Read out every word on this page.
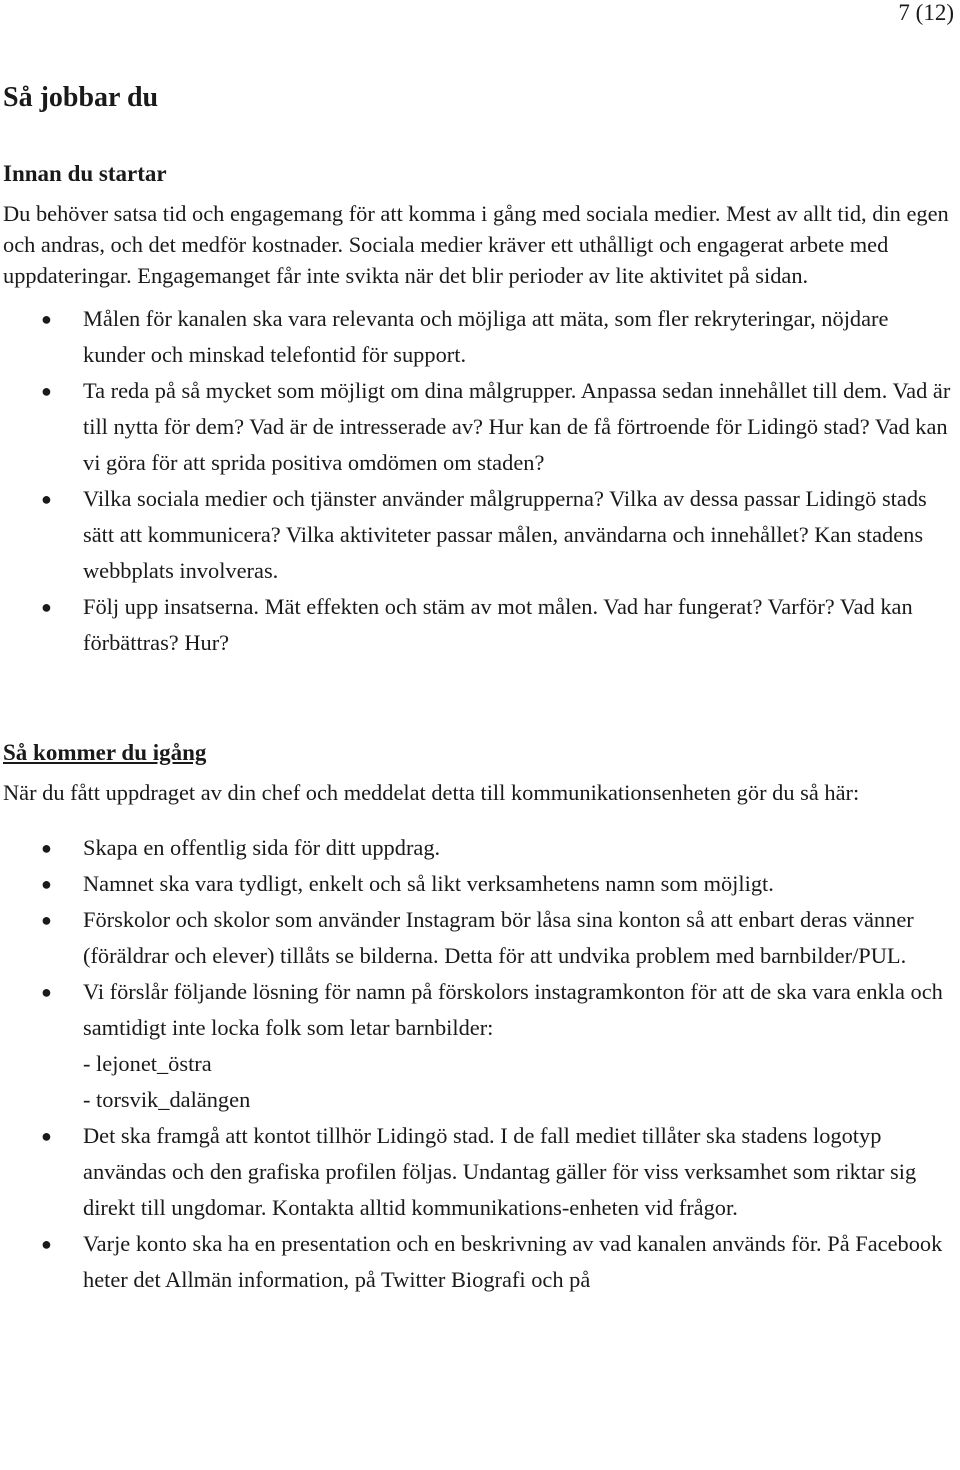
7 (12)
Så jobbar du
Innan du startar

Du behöver satsa tid och engagemang för att komma i gång med sociala medier. Mest av allt tid, din egen och andras, och det medför kostnader. Sociala medier kräver ett uthålligt och engagerat arbete med uppdateringar. Engagemanget får inte svikta när det blir perioder av lite aktivitet på sidan.

● Målen för kanalen ska vara relevanta och möjliga att mäta, som fler rekryteringar, nöjdare kunder och minskad telefontid för support.
● Ta reda på så mycket som möjligt om dina målgrupper. Anpassa sedan innehållet till dem. Vad är till nytta för dem? Vad är de intresserade av? Hur kan de få förtroende för Lidingö stad? Vad kan vi göra för att sprida positiva omdömen om staden?
● Vilka sociala medier och tjänster använder målgrupperna? Vilka av dessa passar Lidingö stads sätt att kommunicera? Vilka aktiviteter passar målen, användarna och innehållet? Kan stadens webbplats involveras.
● Följ upp insatserna. Mät effekten och stäm av mot målen. Vad har fungerat? Varför? Vad kan förbättras? Hur?
Så kommer du igång

När du fått uppdraget av din chef och meddelat detta till kommunikationsenheten gör du så här:

● Skapa en offentlig sida för ditt uppdrag.
● Namnet ska vara tydligt, enkelt och så likt verksamhetens namn som möjligt.
● Förskolor och skolor som använder Instagram bör låsa sina konton så att enbart deras vänner (föräldrar och elever) tillåts se bilderna. Detta för att undvika problem med barnbilder/PUL.
● Vi förslår följande lösning för namn på förskolors instagramkonton för att de ska vara enkla och samtidigt inte locka folk som letar barnbilder:
- lejonet_östra
- torsvik_dalängen
● Det ska framgå att kontot tillhör Lidingö stad. I de fall mediet tillåter ska stadens logotyp användas och den grafiska profilen följas. Undantag gäller för viss verksamhet som riktar sig direkt till ungdomar. Kontakta alltid kommunikations-enheten vid frågor.
● Varje konto ska ha en presentation och en beskrivning av vad kanalen används för. På Facebook heter det Allmän information, på Twitter Biografi och på
